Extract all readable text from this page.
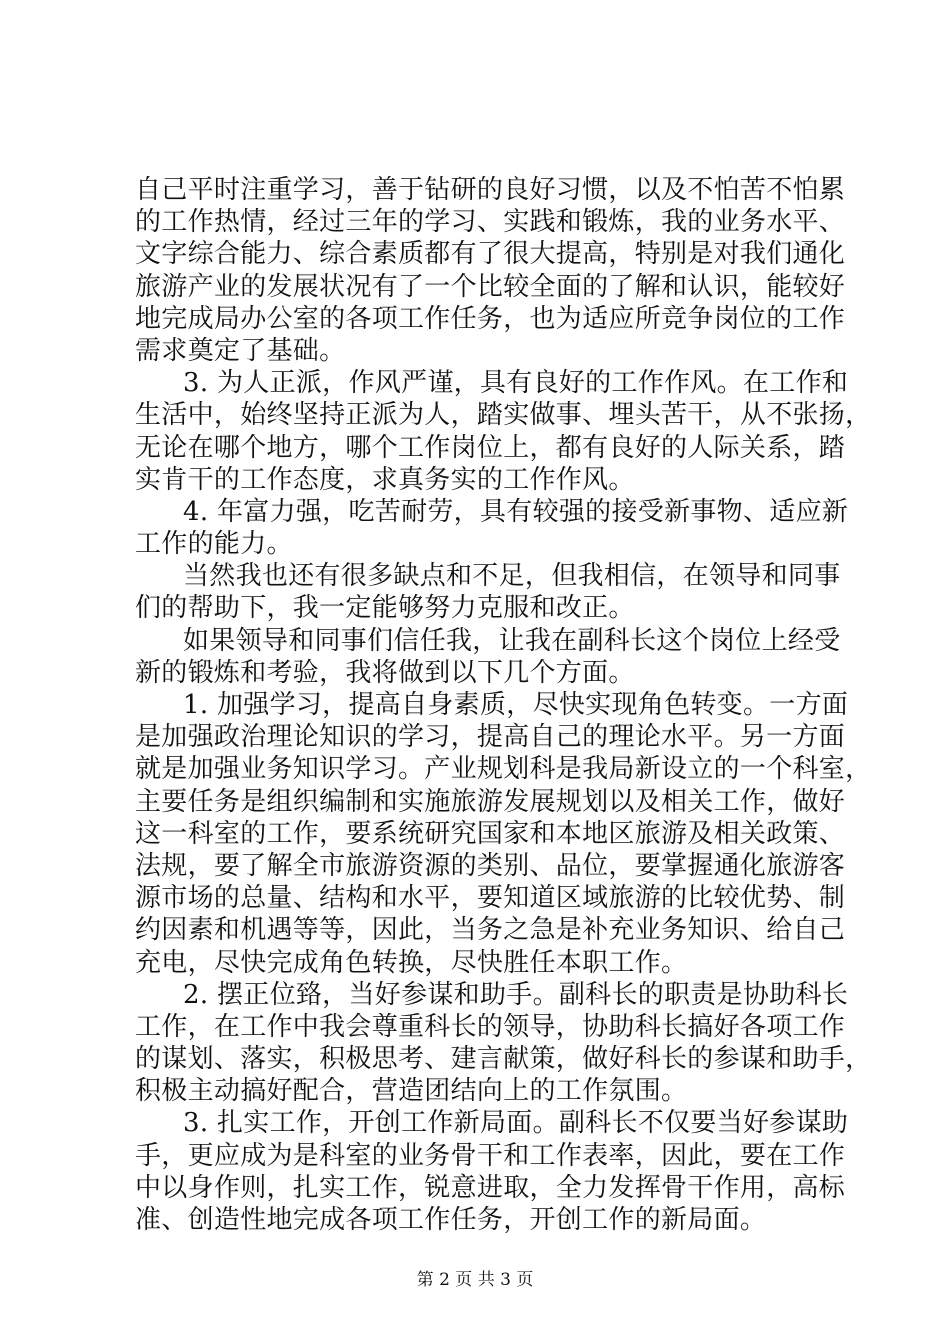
自己平时注重学习，善于钻研的良好习惯，以及不怕苦不怕累
的工作热情，经过三年的学习、实践和锻炼，我的业务水平、
文字综合能力、综合素质都有了很大提高，特别是对我们通化
旅游产业的发展状况有了一个比较全面的了解和认识，能较好
地完成局办公室的各项工作任务，也为适应所竞争岗位的工作
需求奠定了基础。
3. 为人正派，作风严谨，具有良好的工作作风。在工作和
生活中，始终坚持正派为人，踏实做事、埋头苦干，从不张扬，
无论在哪个地方，哪个工作岗位上，都有良好的人际关系，踏
实肯干的工作态度，求真务实的工作作风。
4. 年富力强，吃苦耐劳，具有较强的接受新事物、适应新
工作的能力。
当然我也还有很多缺点和不足，但我相信，在领导和同事
们的帮助下，我一定能够努力克服和改正。
如果领导和同事们信任我，让我在副科长这个岗位上经受
新的锻炼和考验，我将做到以下几个方面。
1. 加强学习，提高自身素质，尽快实现角色转变。一方面
是加强政治理论知识的学习，提高自己的理论水平。另一方面
就是加强业务知识学习。产业规划科是我局新设立的一个科室，
主要任务是组织编制和实施旅游发展规划以及相关工作，做好
这一科室的工作，要系统研究国家和本地区旅游及相关政策、
法规，要了解全市旅游资源的类别、品位，要掌握通化旅游客
源市场的总量、结构和水平，要知道区域旅游的比较优势、制
约因素和机遇等等，因此，当务之急是补充业务知识、给自己
充电，尽快完成角色转换，尽快胜任本职工作。
2. 摆正位臵，当好参谋和助手。副科长的职责是协助科长
工作，在工作中我会尊重科长的领导，协助科长搞好各项工作
的谋划、落实，积极思考、建言献策，做好科长的参谋和助手，
积极主动搞好配合，营造团结向上的工作氛围。
3. 扎实工作，开创工作新局面。副科长不仅要当好参谋助
手，更应成为是科室的业务骨干和工作表率，因此，要在工作
中以身作则，扎实工作，锐意进取，全力发挥骨干作用，高标
准、创造性地完成各项工作任务，开创工作的新局面。
第 2 页 共 3 页
